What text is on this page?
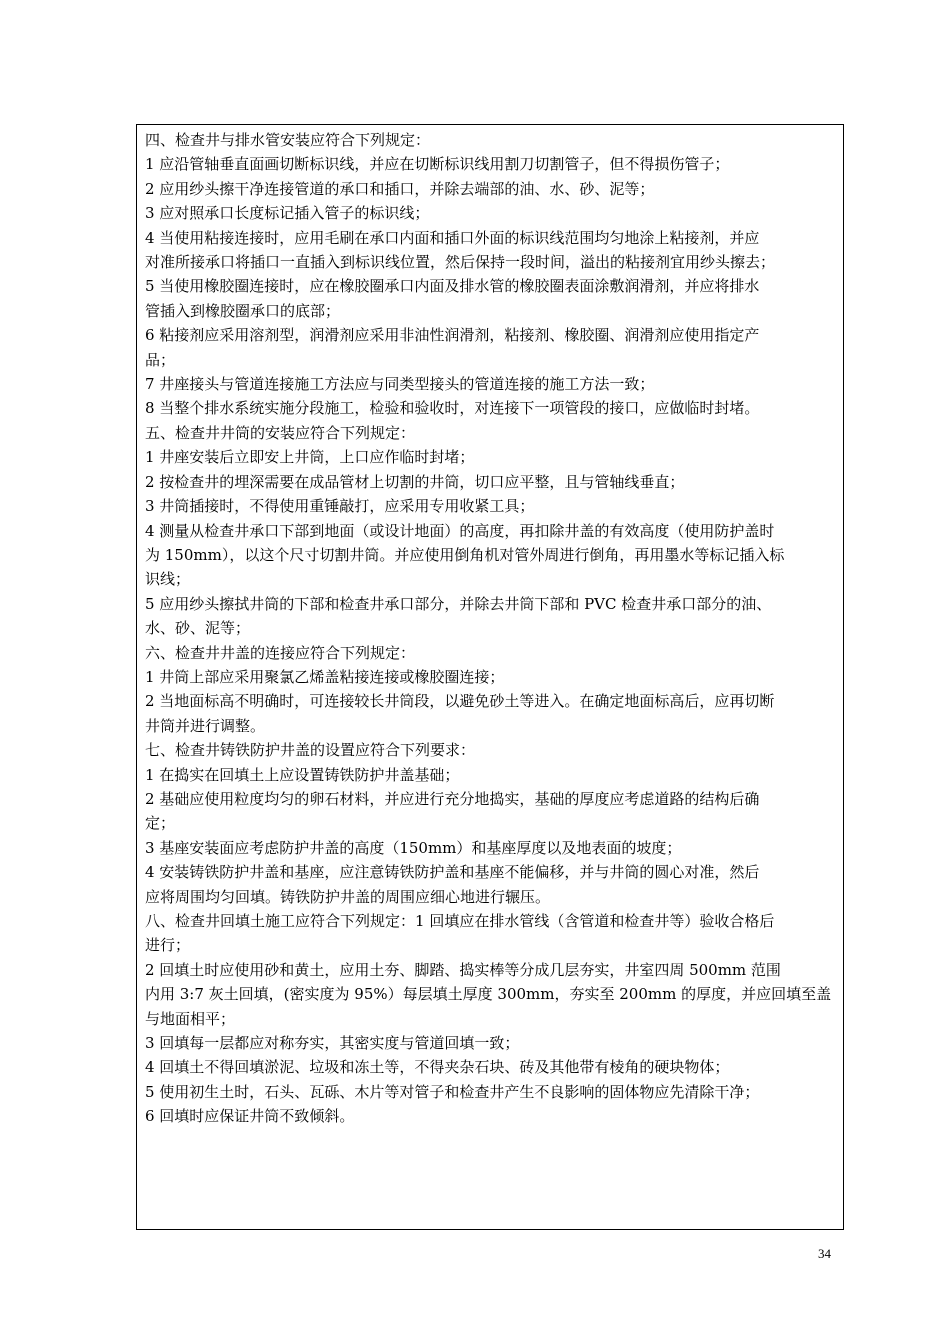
四、检查井与排水管安装应符合下列规定：
1 应沿管轴垂直面画切断标识线，并应在切断标识线用割刀切割管子，但不得损伤管子；
2 应用纱头擦干净连接管道的承口和插口，并除去端部的油、水、砂、泥等；
3 应对照承口长度标记插入管子的标识线；
4 当使用粘接连接时，应用毛刷在承口内面和插口外面的标识线范围均匀地涂上粘接剂，并应
对准所接承口将插口一直插入到标识线位置，然后保持一段时间，溢出的粘接剂宜用纱头擦去；
5 当使用橡胶圈连接时，应在橡胶圈承口内面及排水管的橡胶圈表面涂敷润滑剂，并应将排水
管插入到橡胶圈承口的底部；
6 粘接剂应采用溶剂型，润滑剂应采用非油性润滑剂，粘接剂、橡胶圈、润滑剂应使用指定产
品；
7 井座接头与管道连接施工方法应与同类型接头的管道连接的施工方法一致；
8 当整个排水系统实施分段施工，检验和验收时，对连接下一项管段的接口，应做临时封堵。
五、检查井井筒的安装应符合下列规定：
1 井座安装后立即安上井筒，上口应作临时封堵；
2 按检查井的埋深需要在成品管材上切割的井筒，切口应平整，且与管轴线垂直；
3 井筒插接时，不得使用重锤敲打，应采用专用收紧工具；
4 测量从检查井承口下部到地面（或设计地面）的高度，再扣除井盖的有效高度（使用防护盖时
为 150mm），以这个尺寸切割井筒。并应使用倒角机对管外周进行倒角，再用墨水等标记插入标
识线；
5 应用纱头擦拭井筒的下部和检查井承口部分，并除去井筒下部和 PVC 检查井承口部分的油、
水、砂、泥等；
六、检查井井盖的连接应符合下列规定：
1 井筒上部应采用聚氯乙烯盖粘接连接或橡胶圈连接；
2 当地面标高不明确时，可连接较长井筒段，以避免砂土等进入。在确定地面标高后，应再切断
井筒并进行调整。
七、检查井铸铁防护井盖的设置应符合下列要求：
1 在捣实在回填土上应设置铸铁防护井盖基础；
2 基础应使用粒度均匀的卵石材料，并应进行充分地捣实，基础的厚度应考虑道路的结构后确
定；
3 基座安装面应考虑防护井盖的高度（150mm）和基座厚度以及地表面的坡度；
4 安装铸铁防护井盖和基座，应注意铸铁防护盖和基座不能偏移，并与井筒的圆心对准，然后
应将周围均匀回填。铸铁防护井盖的周围应细心地进行辗压。
八、检查井回填土施工应符合下列规定：1 回填应在排水管线（含管道和检查井等）验收合格后
进行；
2 回填土时应使用砂和黄土，应用土夯、脚踏、捣实棒等分成几层夯实，井室四周 500mm 范围
内用 3:7 灰土回填，(密实度为 95%）每层填土厚度 300mm，夯实至 200mm 的厚度，并应回填至盖
与地面相平；
3 回填每一层都应对称夯实，其密实度与管道回填一致；
4 回填土不得回填淤泥、垃圾和冻土等，不得夹杂石块、砖及其他带有棱角的硬块物体；
5 使用初生土时，石头、瓦砾、木片等对管子和检查井产生不良影响的固体物应先清除干净；
6 回填时应保证井筒不致倾斜。
34
